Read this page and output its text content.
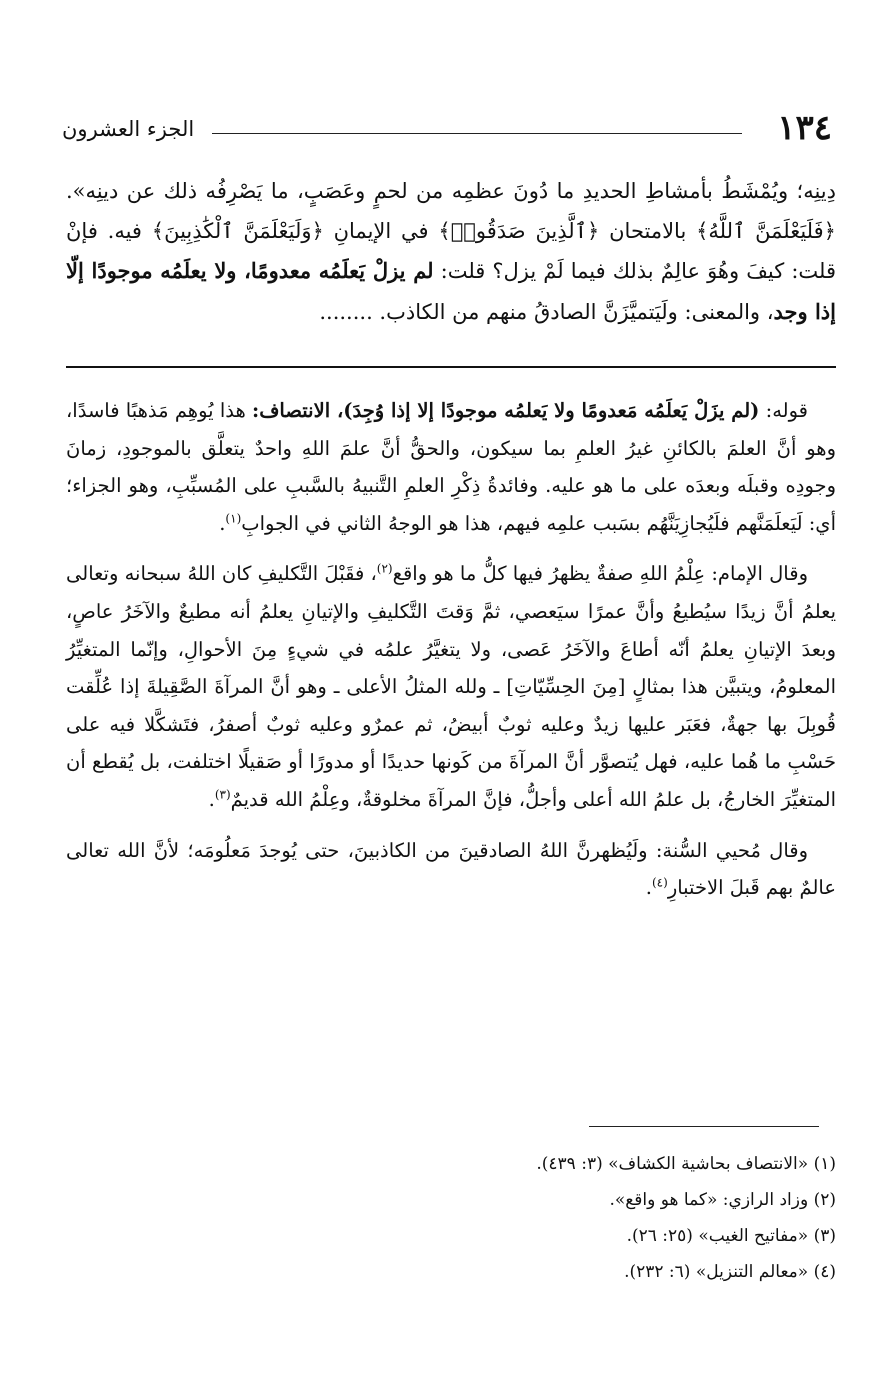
١٣٤
الجزء العشرون

دِينِه؛ ويُمْشَطُ بأمشاطِ الحديدِ ما دُونَ عظمِه من لحمٍ وعَصَبٍ، ما يَصْرِفُه ذلك عن دينِه». ﴿فَلَيَعْلَمَنَّ ٱللَّهُ﴾ بالامتحان ﴿ٱلَّذِينَ صَدَقُوا۟﴾ في الإيمانِ ﴿وَلَيَعْلَمَنَّ ٱلْكَٰذِبِينَ﴾ فيه. فإنْ قلت: كيفَ وهُوَ عالِمٌ بذلك فيما لَمْ يزل؟ قلت: لم يزلْ يَعلَمُه معدومًا، ولا يعلَمُه موجودًا إلّا إذا وجد، والمعنى: ولَيَتميَّزَنَّ الصادقُ منهم من الكاذب. ........

قوله: (لم يزَلْ يَعلَمُه مَعدومًا ولا يَعلمُه موجودًا إلا إذا وُجِدَ)، الانتصاف: هذا يُوهِم مَذهبًا فاسدًا، وهو أنَّ العلمَ بالكائنِ غيرُ العلمِ بما سيكون، والحقُّ أنَّ علمَ اللهِ واحدٌ يتعلَّق بالموجودِ، زمانَ وجودِه وقبلَه وبعدَه على ما هو عليه. وفائدةُ ذِكْرِ العلمِ التَّنبيهُ بالسَّببِ على المُسبِّبِ، وهو الجزاء؛ أي: لَيَعلَمَنَّهم فلَيُجازِيَنَّهُم بسَبب علمِه فيهم، هذا هو الوجهُ الثاني في الجوابِ$^{(١)}$.

وقال الإمام: عِلْمُ اللهِ صفةٌ يظهرُ فيها كلُّ ما هو واقع$^{(٢)}$، فقَبْلَ التَّكليفِ كان اللهُ سبحانه وتعالى يعلمُ أنَّ زيدًا سيُطيعُ وأنَّ عمرًا سيَعصي، ثمَّ وَقتَ التَّكليفِ والإتيانِ يعلمُ أنه مطيعٌ والآخَرُ عاصٍ، وبعدَ الإتيانِ يعلمُ أنّه أطاعَ والآخَرُ عَصى، ولا يتغيَّرُ علمُه في شيءٍ مِنَ الأحوالِ، وإنّما المتغيِّرُ المعلومُ، ويتبيَّن هذا بمثالٍ [مِنَ الحِسِّيّاتِ] ـ ولله المثلُ الأعلى ـ وهو أنَّ المرآةَ الصَّقِيلةَ إذا عُلِّقت قُوبِلَ بها جهةٌ، فعَبَر عليها زيدٌ وعليه ثوبٌ أبيضُ، ثم عمرٌو وعليه ثوبٌ أصفرُ، فتَشكَّلا فيه على حَسْبِ ما هُما عليه، فهل يُتصوَّر أنَّ المرآةَ من كَونها حديدًا أو مدورًا أو صَقيلًا اختلفت، بل يُقطع أن المتغيِّرَ الخارجُ، بل علمُ الله أعلى وأجلُّ، فإنَّ المرآةَ مخلوقةٌ، وعِلْمُ الله قديمٌ$^{(٣)}$.

وقال مُحيي السُّنة: ولَيُظهرنَّ اللهُ الصادقينَ من الكاذبينَ، حتى يُوجدَ مَعلُومَه؛ لأنَّ الله تعالى عالمٌ بهم قَبلَ الاختبارِ$^{(٤)}$.

(١) «الانتصاف بحاشية الكشاف» (٣: ٤٣٩).
(٢) وزاد الرازي: «كما هو واقع».
(٣) «مفاتيح الغيب» (٢٥: ٢٦).
(٤) «معالم التنزيل» (٦: ٢٣٢).
